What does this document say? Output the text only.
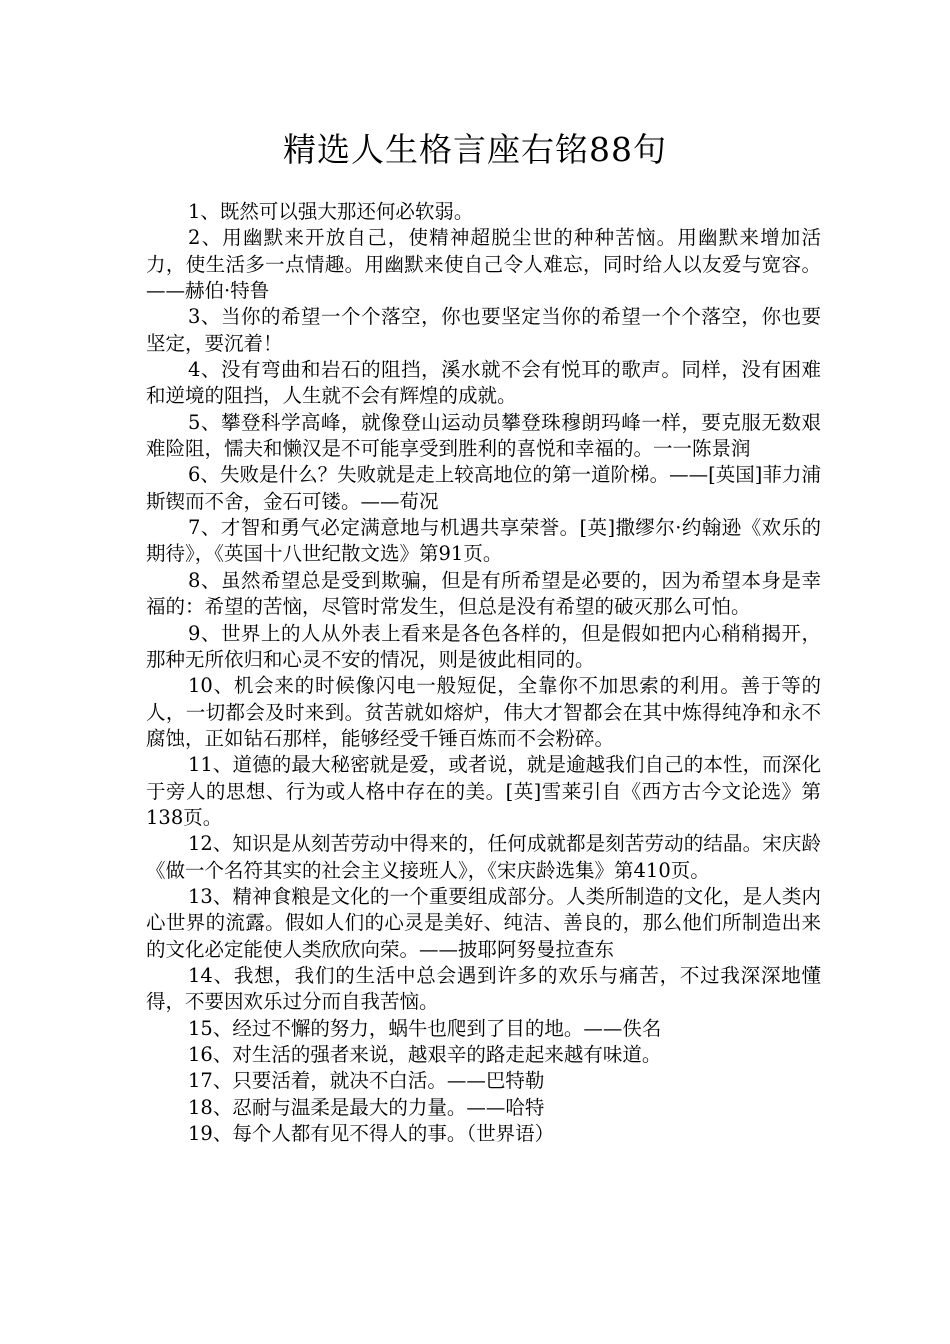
精选人生格言座右铭88句

1、既然可以强大那还何必软弱。

2、用幽默来开放自己，使精神超脱尘世的种种苦恼。用幽默来增加活力，使生活多一点情趣。用幽默来使自己令人难忘，同时给人以友爱与宽容。——赫伯·特鲁

3、当你的希望一个个落空，你也要坚定当你的希望一个个落空，你也要坚定，要沉着！

4、没有弯曲和岩石的阻挡，溪水就不会有悦耳的歌声。同样，没有困难和逆境的阻挡，人生就不会有辉煌的成就。

5、攀登科学高峰，就像登山运动员攀登珠穆朗玛峰一样，要克服无数艰难险阻，懦夫和懒汉是不可能享受到胜利的喜悦和幸福的。一一陈景润

6、失败是什么？失败就是走上较高地位的第一道阶梯。——[英国]菲力浦斯锲而不舍，金石可镂。——荀况

7、才智和勇气必定满意地与机遇共享荣誉。[英]撒缪尔·约翰逊《欢乐的期待》，《英国十八世纪散文选》第91页。

8、虽然希望总是受到欺骗，但是有所希望是必要的，因为希望本身是幸福的：希望的苦恼，尽管时常发生，但总是没有希望的破灭那么可怕。

9、世界上的人从外表上看来是各色各样的，但是假如把内心稍稍揭开，那种无所依归和心灵不安的情况，则是彼此相同的。

10、机会来的时候像闪电一般短促，全靠你不加思索的利用。善于等的人，一切都会及时来到。贫苦就如熔炉，伟大才智都会在其中炼得纯净和永不腐蚀，正如钻石那样，能够经受千锤百炼而不会粉碎。

11、道德的最大秘密就是爱，或者说，就是逾越我们自己的本性，而深化于旁人的思想、行为或人格中存在的美。[英]雪莱引自《西方古今文论选》第138页。

12、知识是从刻苦劳动中得来的，任何成就都是刻苦劳动的结晶。宋庆龄《做一个名符其实的社会主义接班人》，《宋庆龄选集》第410页。

13、精神食粮是文化的一个重要组成部分。人类所制造的文化，是人类内心世界的流露。假如人们的心灵是美好、纯洁、善良的，那么他们所制造出来的文化必定能使人类欣欣向荣。——披耶阿努曼拉查东

14、我想，我们的生活中总会遇到许多的欢乐与痛苦，不过我深深地懂得，不要因欢乐过分而自我苦恼。

15、经过不懈的努力，蜗牛也爬到了目的地。——佚名

16、对生活的强者来说，越艰辛的路走起来越有味道。

17、只要活着，就决不白活。——巴特勒

18、忍耐与温柔是最大的力量。——哈特

19、每个人都有见不得人的事。（世界语）
